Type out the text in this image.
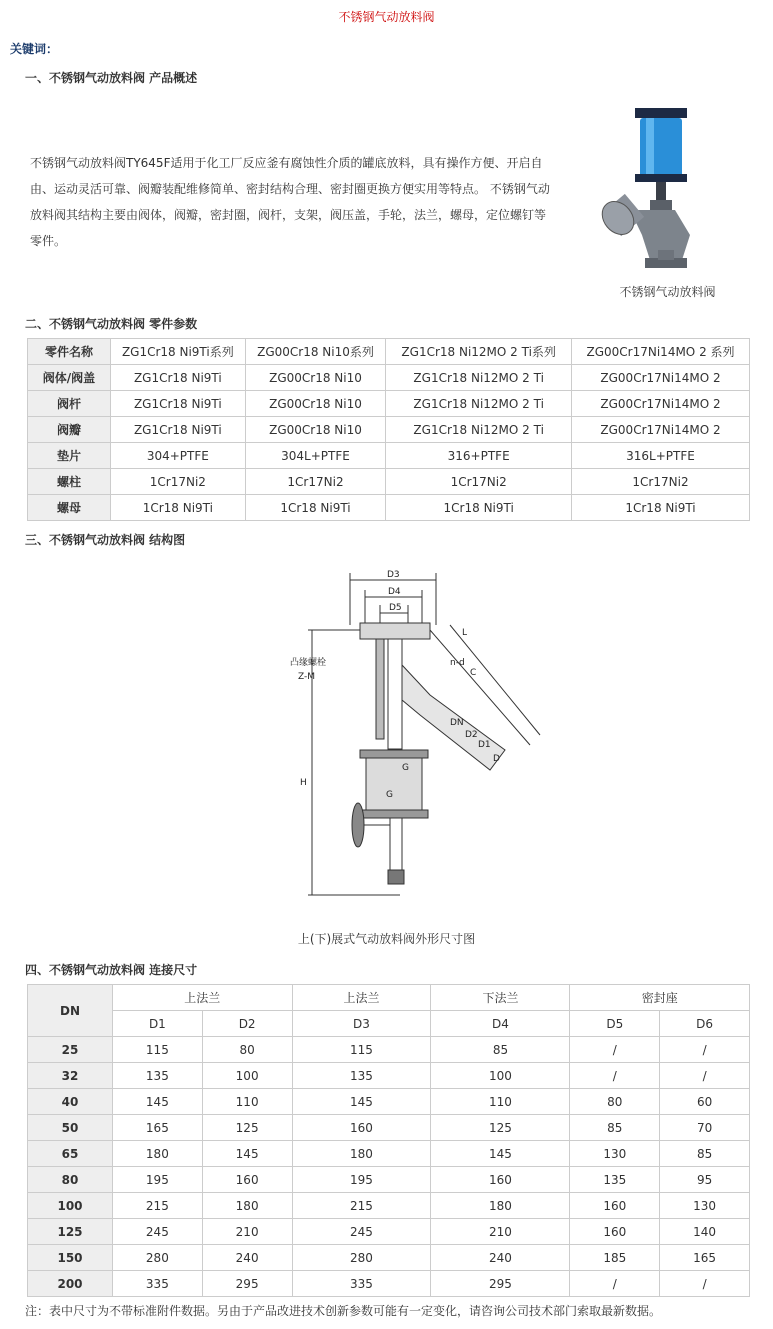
不锈钢气动放料阀
关键词：
一、不锈钢气动放料阀 产品概述
不锈钢气动放料阀TY645F适用于化工厂反应釜有腐蚀性介质的罐底放料，具有操作方便、开启自由、运动灵活可靠、阀瓣装配维修简单、密封结构合理、密封圈更换方便实用等特点。 不锈钢气动放料阀其结构主要由阀体，阀瓣，密封圈，阀杆，支架，阀压盖，手轮，法兰，螺母，定位螺钉等零件。
不锈钢气动放料阀
二、不锈钢气动放料阀 零件参数
零件名称	ZG1Cr18 Ni9Ti系列	ZG00Cr18 Ni10系列	ZG1Cr18 Ni12MO 2 Ti系列	ZG00Cr17Ni14MO 2 系列
阀体/阀盖	ZG1Cr18 Ni9Ti	ZG00Cr18 Ni10	ZG1Cr18 Ni12MO 2 Ti	ZG00Cr17Ni14MO 2
阀杆	ZG1Cr18 Ni9Ti	ZG00Cr18 Ni10	ZG1Cr18 Ni12MO 2 Ti	ZG00Cr17Ni14MO 2
阀瓣	ZG1Cr18 Ni9Ti	ZG00Cr18 Ni10	ZG1Cr18 Ni12MO 2 Ti	ZG00Cr17Ni14MO 2
垫片	304+PTFE	304L+PTFE	316+PTFE	316L+PTFE
螺柱	1Cr17Ni2	1Cr17Ni2	1Cr17Ni2	1Cr17Ni2
螺母	1Cr18 Ni9Ti	1Cr18 Ni9Ti	1Cr18 Ni9Ti	1Cr18 Ni9Ti
三、不锈钢气动放料阀 结构图
D3
D4
D5
凸缘螺栓
Z-M
H
n-d
C
DN
D2
D1
D
G
G
L
上(下)展式气动放料阀外形尺寸图
四、不锈钢气动放料阀 连接尺寸
DN	上法兰		上法兰	下法兰	密封座	
	D1	D2	D3	D4	D5	D6
25	115	80	115	85	/	/
32	135	100	135	100	/	/
40	145	110	145	110	80	60
50	165	125	160	125	85	70
65	180	145	180	145	130	85
80	195	160	195	160	135	95
100	215	180	215	180	160	130
125	245	210	245	210	160	140
150	280	240	280	240	185	165
200	335	295	335	295	/	/
注：表中尺寸为不带标准附件数据。另由于产品改进技术创新参数可能有一定变化，请咨询公司技术部门索取最新数据。
